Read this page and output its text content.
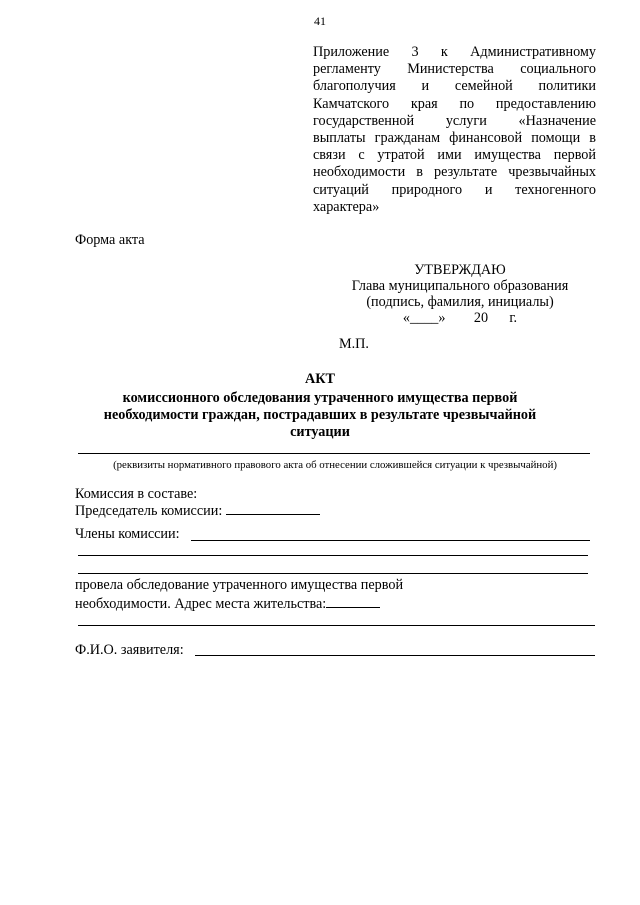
41
Приложение 3 к Административному
регламенту Министерства социального
благополучия и семейной политики
Камчатского края по предоставлению
государственной услуги «Назначение
выплаты гражданам финансовой помощи в
связи с утратой ими имущества первой
необходимости в результате чрезвычайных
ситуаций природного и техногенного
характера»
Форма акта
УТВЕРЖДАЮ
Глава муниципального образования
(подпись, фамилия, инициалы)
«____»        20      г.
М.П.
АКТ
комиссионного обследования утраченного имущества первой
необходимости граждан, пострадавших в результате чрезвычайной
ситуации
(реквизиты нормативного правового акта об отнесении сложившейся ситуации к чрезвычайной)
Комиссия в составе:
Председатель комиссии:
Члены комиссии:
провела обследование утраченного имущества первой
необходимости. Адрес места жительства:
Ф.И.О. заявителя:
